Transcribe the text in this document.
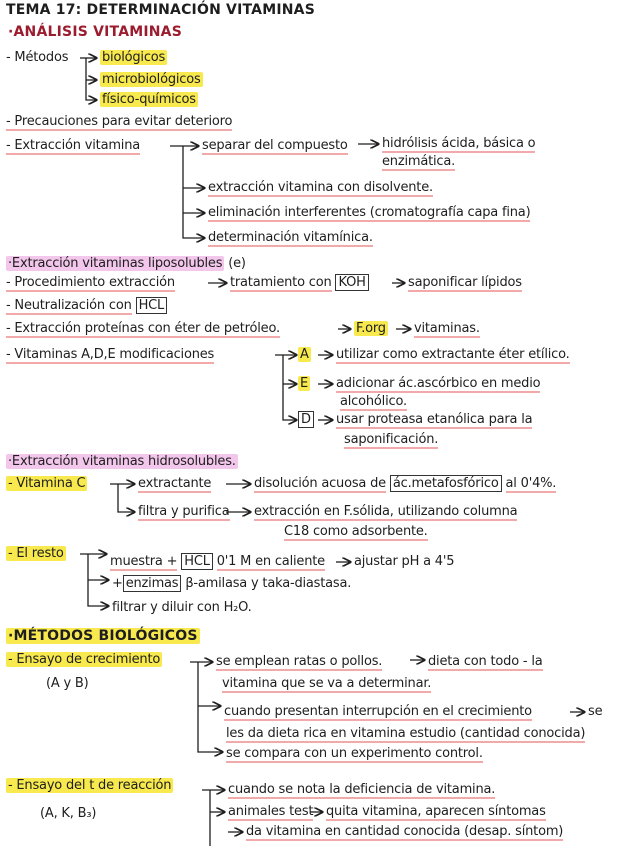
TEMA 17: DETERMINACIÓN VITAMINAS
·ANÁLISIS VITAMINAS
- Métodos	biológicos
microbiológicos
físico-químicos
- Precauciones para evitar deterioro
- Extracción vitamina	separar del compuesto	hidrólisis ácida, básica o
enzimática.
extracción vitamina con disolvente.
eliminación interferentes (cromatografía capa fina)
determinación vitamínica.
·Extracción vitaminas liposolubles (e)
- Procedimiento extracción	tratamiento con KOH	saponificar lípidos
- Neutralización con HCL
- Extracción proteínas con éter de petróleo.	F.org vitaminas.
- Vitaminas A,D,E modificaciones	A utilizar como extractante éter etílico.
E adicionar ác.ascórbico en medio
alcohólico.
D usar proteasa etanólica para la
saponificación.
·Extracción vitaminas hidrosolubles.
- Vitamina C	extractante	disolución acuosa de ác.metafosfórico al 0'4%.
filtra y purifica extracción en F.sólida, utilizando columna
C18 como adsorbente.
- El resto
muestra + HCL 0'1 M en caliente ajustar pH a 4'5
+ enzimas β-amilasa y taka-diastasa.
filtrar y diluir con H₂O.
·MÉTODOS BIOLÓGICOS
- Ensayo de crecimiento
(A y B)
se emplean ratas o pollos.	dieta con todo - la
vitamina que se va a determinar.
cuando presentan interrupción en el crecimiento	se
les da dieta rica en vitamina estudio (cantidad conocida)
se compara con un experimento control.
- Ensayo del t de reacción
(A, K, B₃)
cuando se nota la deficiencia de vitamina.
animales test quita vitamina, aparecen síntomas
da vitamina en cantidad conocida (desap. síntom)
